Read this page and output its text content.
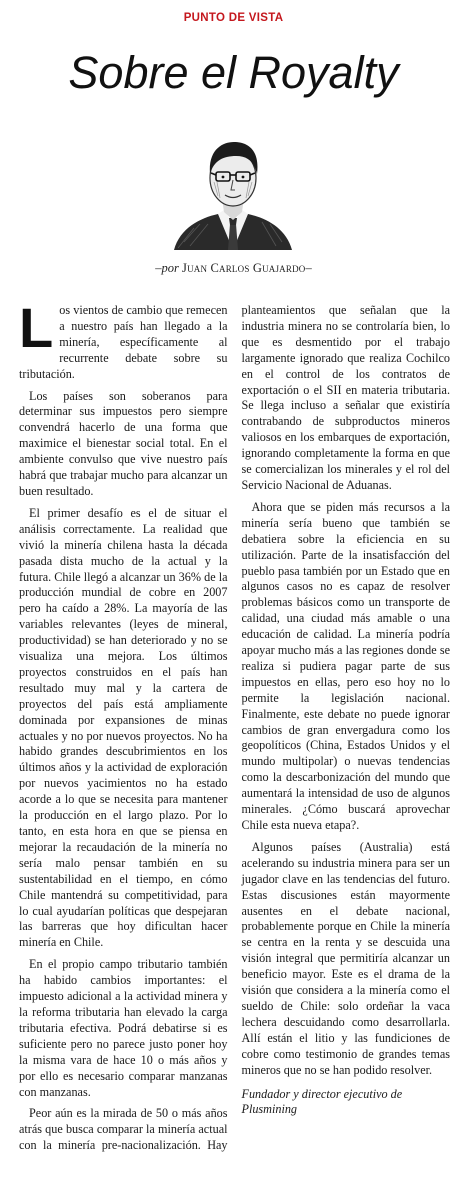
PUNTO DE VISTA
Sobre el Royalty
–por Juan Carlos Guajardo–

Los vientos de cambio que remecen a nuestro país han llegado a la minería, específicamente al recurrente debate sobre su tributación.

Los países son soberanos para determinar sus impuestos pero siempre convendrá hacerlo de una forma que maximice el bienestar social total. En el ambiente convulso que vive nuestro país habrá que trabajar mucho para alcanzar un buen resultado.

El primer desafío es el de situar el análisis correctamente. La realidad que vivió la minería chilena hasta la década pasada dista mucho de la actual y la futura. Chile llegó a alcanzar un 36% de la producción mundial de cobre en 2007 pero ha caído a 28%. La mayoría de las variables relevantes (leyes de mineral, productividad) se han deteriorado y no se visualiza una mejora. Los últimos proyectos construidos en el país han resultado muy mal y la cartera de proyectos del país está ampliamente dominada por expansiones de minas actuales y no por nuevos proyectos. No ha habido grandes descubrimientos en los últimos años y la actividad de exploración por nuevos yacimientos no ha estado acorde a lo que se necesita para mantener la producción en el largo plazo. Por lo tanto, en esta hora en que se piensa en mejorar la recaudación de la minería no sería malo pensar también en su sustentabilidad en el tiempo, en cómo Chile mantendrá su competitividad, para lo cual ayudarían políticas que despejaran las barreras que hoy dificultan hacer minería en Chile.

En el propio campo tributario también ha habido cambios importantes: el impuesto adicional a la actividad minera y la reforma tributaria han elevado la carga tributaria efectiva. Podrá debatirse si es suficiente pero no parece justo poner hoy la misma vara de hace 10 o más años y por ello es necesario comparar manzanas con manzanas.

Peor aún es la mirada de 50 o más años atrás que busca comparar la minería actual con la minería pre-nacionalización. Hay planteamientos que señalan que la industria minera no se controlaría bien, lo que es desmentido por el trabajo largamente ignorado que realiza Cochilco en el control de los contratos de exportación o el SII en materia tributaria. Se llega incluso a señalar que existiría contrabando de subproductos mineros valiosos en los embarques de exportación, ignorando completamente la forma en que se comercializan los minerales y el rol del Servicio Nacional de Aduanas.

Ahora que se piden más recursos a la minería sería bueno que también se debatiera sobre la eficiencia en su utilización. Parte de la insatisfacción del pueblo pasa también por un Estado que en algunos casos no es capaz de resolver problemas básicos como un transporte de calidad, una ciudad más amable o una educación de calidad. La minería podría apoyar mucho más a las regiones donde se realiza si pudiera pagar parte de sus impuestos en ellas, pero eso hoy no lo permite la legislación nacional. Finalmente, este debate no puede ignorar cambios de gran envergadura como los geopolíticos (China, Estados Unidos y el mundo multipolar) o nuevas tendencias como la descarbonización del mundo que aumentará la intensidad de uso de algunos minerales. ¿Cómo buscará aprovechar Chile esta nueva etapa?.

Algunos países (Australia) está acelerando su industria minera para ser un jugador clave en las tendencias del futuro. Estas discusiones están mayormente ausentes en el debate nacional, probablemente porque en Chile la minería se centra en la renta y se descuida una visión integral que permitiría alcanzar un beneficio mayor. Este es el drama de la visión que considera a la minería como el sueldo de Chile: solo ordeñar la vaca lechera descuidando como desarrollarla. Allí están el litio y las fundiciones de cobre como testimonio de grandes temas mineros que no se han podido resolver.

Fundador y director ejecutivo de Plusmining
